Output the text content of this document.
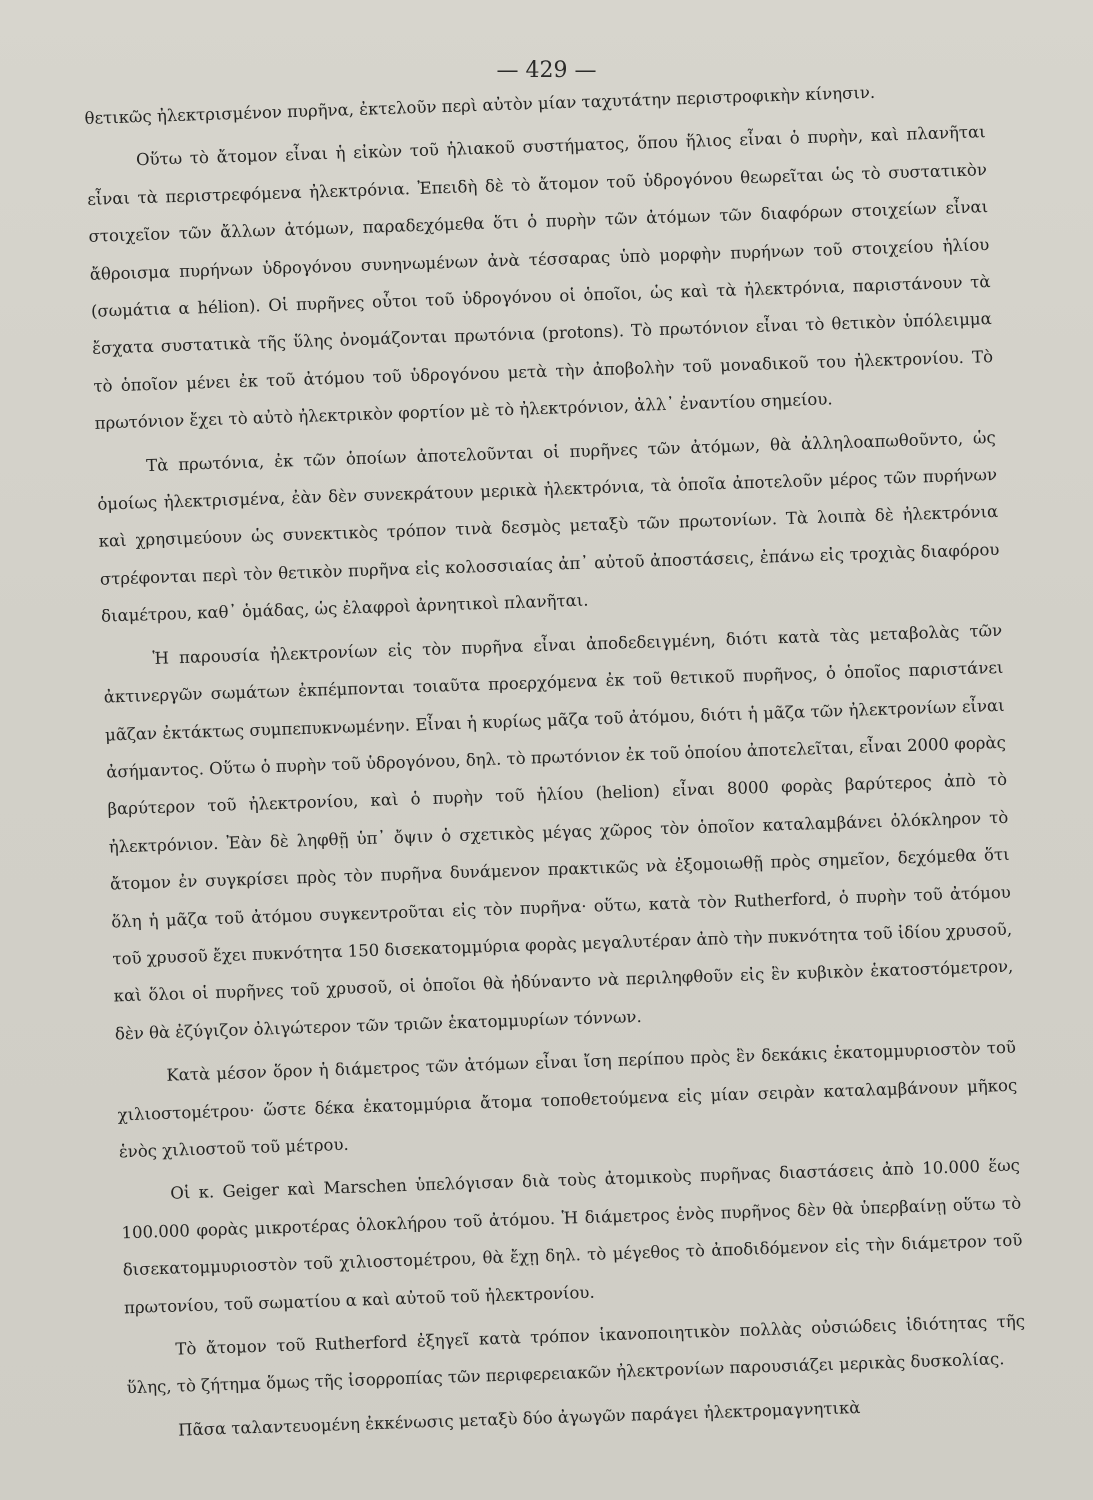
— 429 —

θετικῶς ἠλεκτρισμένον πυρῆνα, ἐκτελοῦν περὶ αὐτὸν μίαν ταχυτάτην περιστροφικὴν κίνησιν.

Οὕτω τὸ ἄτομον εἶναι ἡ εἰκὼν τοῦ ἡλιακοῦ συστήματος, ὅπου ἥλιος εἶναι ὁ πυρὴν, καὶ πλανῆται εἶναι τὰ περιστρεφόμενα ἠλεκτρόνια. Ἐπειδὴ δὲ τὸ ἄτομον τοῦ ὑδρογόνου θεωρεῖται ὡς τὸ συστατικὸν στοιχεῖον τῶν ἄλλων ἀτόμων, παραδεχόμεθα ὅτι ὁ πυρὴν τῶν ἀτόμων τῶν διαφόρων στοιχείων εἶναι ἄθροισμα πυρήνων ὑδρογόνου συνηνωμένων ἀνὰ τέσσαρας ὑπὸ μορφὴν πυρήνων τοῦ στοιχείου ἡλίου (σωμάτια α hélion). Οἱ πυρῆνες οὗτοι τοῦ ὑδρογόνου οἱ ὁποῖοι, ὡς καὶ τὰ ἠλεκτρόνια, παριστάνουν τὰ ἔσχατα συστατικὰ τῆς ὕλης ὀνομάζονται πρωτόνια (protons). Τὸ πρωτόνιον εἶναι τὸ θετικὸν ὑπόλειμμα τὸ ὁποῖον μένει ἐκ τοῦ ἀτόμου τοῦ ὑδρογόνου μετὰ τὴν ἀποβολὴν τοῦ μοναδικοῦ του ἠλεκτρονίου. Τὸ πρωτόνιον ἔχει τὸ αὐτὸ ἠλεκτρικὸν φορτίον μὲ τὸ ἠλεκτρόνιον, ἀλλ᾽ ἐναντίου σημείου.

Τὰ πρωτόνια, ἐκ τῶν ὁποίων ἀποτελοῦνται οἱ πυρῆνες τῶν ἀτόμων, θὰ ἀλληλοαπωθοῦντο, ὡς ὁμοίως ἠλεκτρισμένα, ἐὰν δὲν συνεκράτουν μερικὰ ἠλεκτρόνια, τὰ ὁποῖα ἀποτελοῦν μέρος τῶν πυρήνων καὶ χρησιμεύουν ὡς συνεκτικὸς τρόπον τινὰ δεσμὸς μεταξὺ τῶν πρωτονίων. Τὰ λοιπὰ δὲ ἠλεκτρόνια στρέφονται περὶ τὸν θετικὸν πυρῆνα εἰς κολοσσιαίας ἀπ᾽ αὐτοῦ ἀποστάσεις, ἐπάνω εἰς τροχιὰς διαφόρου διαμέτρου, καθ᾽ ὁμάδας, ὡς ἐλαφροὶ ἀρνητικοὶ πλανῆται.

Ἡ παρουσία ἠλεκτρονίων εἰς τὸν πυρῆνα εἶναι ἀποδεδειγμένη, διότι κατὰ τὰς μεταβολὰς τῶν ἀκτινεργῶν σωμάτων ἐκπέμπονται τοιαῦτα προερχόμενα ἐκ τοῦ θετικοῦ πυρῆνος, ὁ ὁποῖος παριστάνει μᾶζαν ἐκτάκτως συμπεπυκνωμένην. Εἶναι ἡ κυρίως μᾶζα τοῦ ἀτόμου, διότι ἡ μᾶζα τῶν ἠλεκτρονίων εἶναι ἀσήμαντος. Οὕτω ὁ πυρὴν τοῦ ὑδρογόνου, δηλ. τὸ πρωτόνιον ἐκ τοῦ ὁποίου ἀποτελεῖται, εἶναι 2000 φορὰς βαρύτερον τοῦ ἠλεκτρονίου, καὶ ὁ πυρὴν τοῦ ἡλίου (helion) εἶναι 8000 φορὰς βαρύτερος ἀπὸ τὸ ἠλεκτρόνιον. Ἐὰν δὲ ληφθῇ ὑπ᾽ ὄψιν ὁ σχετικὸς μέγας χῶρος τὸν ὁποῖον καταλαμβάνει ὁλόκληρον τὸ ἄτομον ἐν συγκρίσει πρὸς τὸν πυρῆνα δυνάμενον πρακτικῶς νὰ ἐξομοιωθῇ πρὸς σημεῖον, δεχόμεθα ὅτι ὅλη ἡ μᾶζα τοῦ ἀτόμου συγκεντροῦται εἰς τὸν πυρῆνα· οὕτω, κατὰ τὸν Rutherford, ὁ πυρὴν τοῦ ἀτόμου τοῦ χρυσοῦ ἔχει πυκνότητα 150 δισεκατομμύρια φορὰς μεγαλυτέραν ἀπὸ τὴν πυκνότητα τοῦ ἰδίου χρυσοῦ, καὶ ὅλοι οἱ πυρῆνες τοῦ χρυσοῦ, οἱ ὁποῖοι θὰ ἠδύναντο νὰ περιληφθοῦν εἰς ἓν κυβικὸν ἑκατοστόμετρον, δὲν θὰ ἐζύγιζον ὀλιγώτερον τῶν τριῶν ἑκατομμυρίων τόννων.

Κατὰ μέσον ὅρον ἡ διάμετρος τῶν ἀτόμων εἶναι ἴση περίπου πρὸς ἓν δεκάκις ἑκατομμυριοστὸν τοῦ χιλιοστομέτρου· ὥστε δέκα ἑκατομμύρια ἄτομα τοποθετούμενα εἰς μίαν σειρὰν καταλαμβάνουν μῆκος ἑνὸς χιλιοστοῦ τοῦ μέτρου.

Οἱ κ. Geiger καὶ Marschen ὑπελόγισαν διὰ τοὺς ἀτομικοὺς πυρῆνας διαστάσεις ἀπὸ 10.000 ἕως 100.000 φορὰς μικροτέρας ὁλοκλήρου τοῦ ἀτόμου. Ἡ διάμετρος ἑνὸς πυρῆνος δὲν θὰ ὑπερβαίνῃ οὕτω τὸ δισεκατομμυριοστὸν τοῦ χιλιοστομέτρου, θὰ ἔχῃ δηλ. τὸ μέγεθος τὸ ἀποδιδόμενον εἰς τὴν διάμετρον τοῦ πρωτονίου, τοῦ σωματίου α καὶ αὐτοῦ τοῦ ἠλεκτρονίου.

Τὸ ἄτομον τοῦ Rutherford ἐξηγεῖ κατὰ τρόπον ἱκανοποιητικὸν πολλὰς οὐσιώδεις ἰδιότητας τῆς ὕλης, τὸ ζήτημα ὅμως τῆς ἰσορροπίας τῶν περιφερειακῶν ἠλεκτρονίων παρουσιάζει μερικὰς δυσκολίας.

Πᾶσα ταλαντευομένη ἐκκένωσις μεταξὺ δύο ἀγωγῶν παράγει ἠλεκτρομαγνητικὰ
